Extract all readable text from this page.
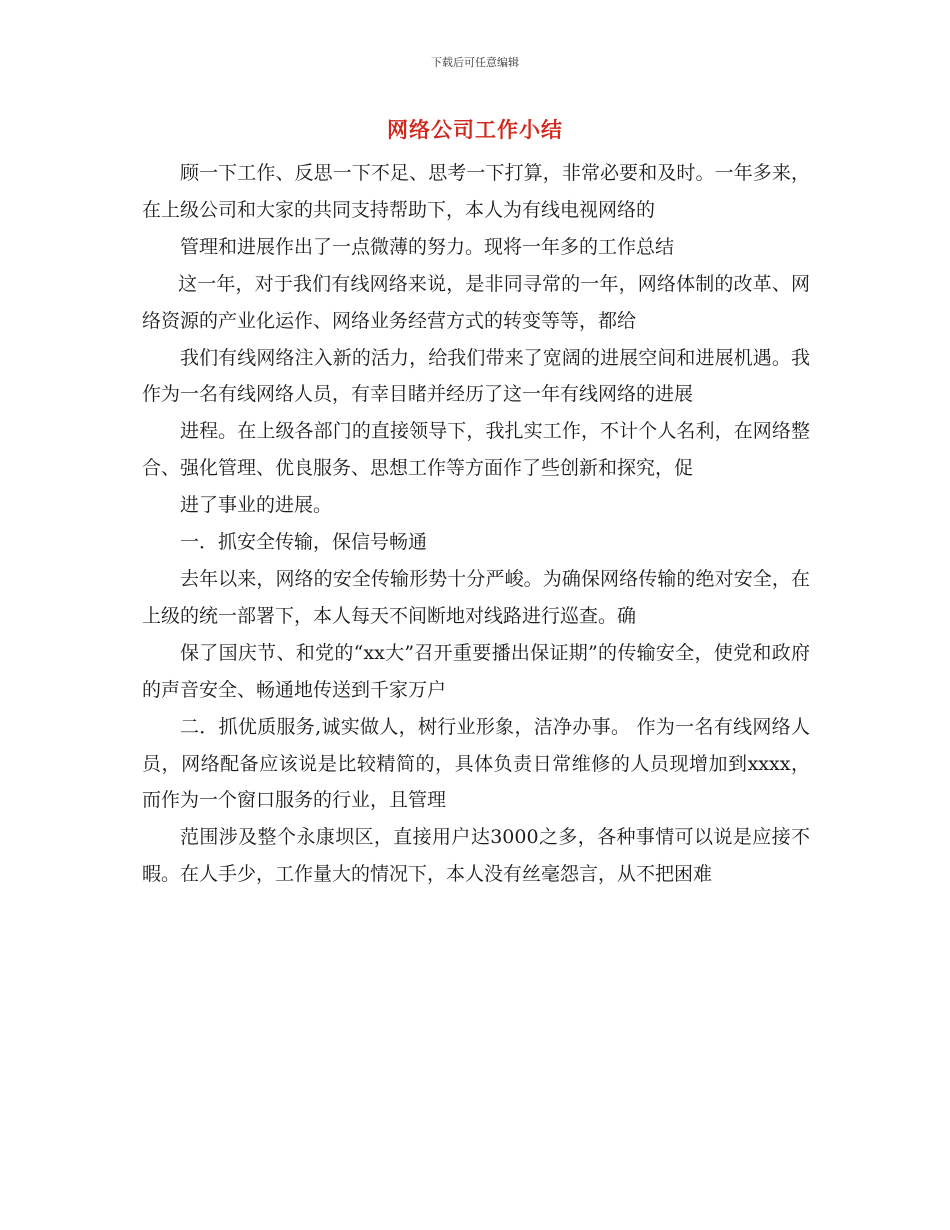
下载后可任意编辑
网络公司工作小结

顾一下工作、反思一下不足、思考一下打算，非常必要和及时。一年多来，在上级公司和大家的共同支持帮助下，本人为有线电视网络的

管理和进展作出了一点微薄的努力。现将一年多的工作总结

这一年，对于我们有线网络来说，是非同寻常的一年，网络体制的改革、网络资源的产业化运作、网络业务经营方式的转变等等，都给

我们有线网络注入新的活力，给我们带来了宽阔的进展空间和进展机遇。我作为一名有线网络人员，有幸目睹并经历了这一年有线网络的进展

进程。在上级各部门的直接领导下，我扎实工作，不计个人名利，在网络整合、强化管理、优良服务、思想工作等方面作了些创新和探究，促

进了事业的进展。

一．抓安全传输，保信号畅通

去年以来，网络的安全传输形势十分严峻。为确保网络传输的绝对安全，在上级的统一部署下，本人每天不间断地对线路进行巡查。确

保了国庆节、和党的“xx大”召开重要播出保证期”的传输安全，使党和政府的声音安全、畅通地传送到千家万户

二．抓优质服务,诚实做人，树行业形象，洁净办事。 作为一名有线网络人员，网络配备应该说是比较精简的，具体负责日常维修的人员现增加到xxxx，而作为一个窗口服务的行业，且管理

范围涉及整个永康坝区，直接用户达3000之多，各种事情可以说是应接不暇。在人手少，工作量大的情况下，本人没有丝毫怨言，从不把困难
